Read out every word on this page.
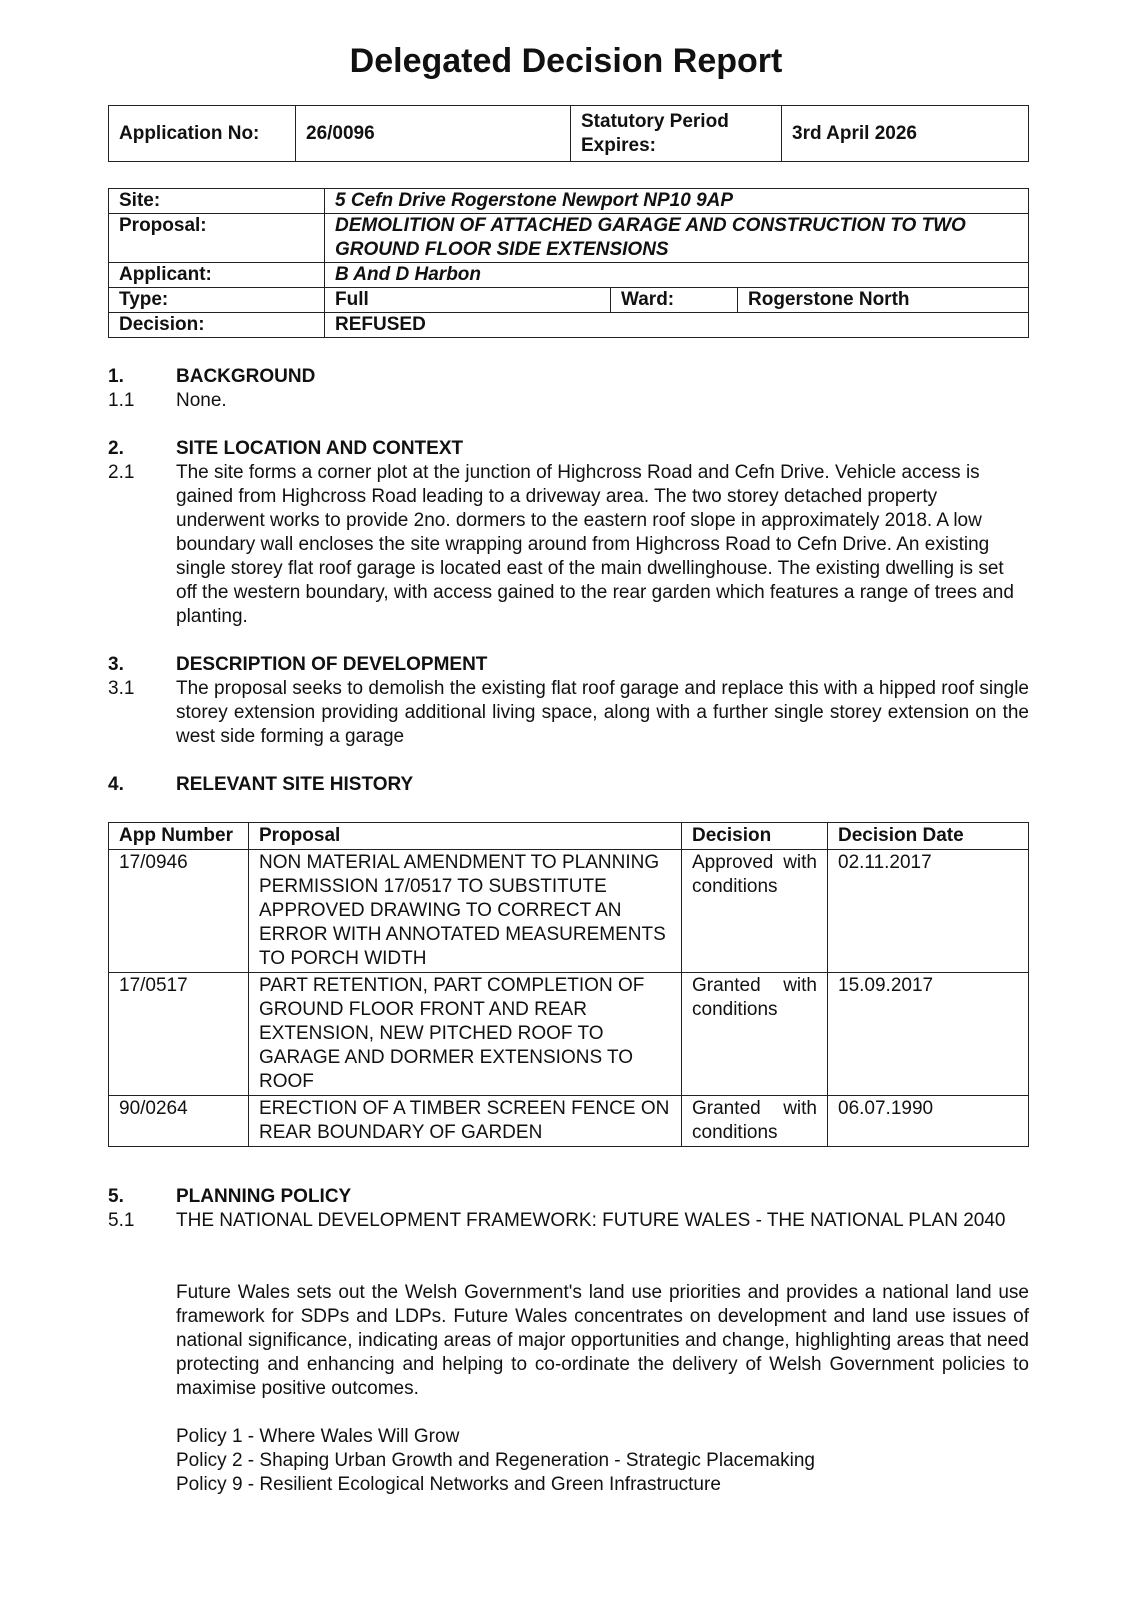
Delegated Decision Report
Application No:	26/0096	Statutory Period Expires:	3rd April 2026
Site:	5 Cefn Drive Rogerstone Newport NP10 9AP		
Proposal:	DEMOLITION OF ATTACHED GARAGE AND CONSTRUCTION TO TWO GROUND FLOOR SIDE EXTENSIONS		
Applicant:	B And D Harbon		
Type:	Full	Ward:	Rogerstone North
Decision:	REFUSED		
1.	BACKGROUND
1.1 None.
2.	SITE LOCATION AND CONTEXT
2.1 The site forms a corner plot at the junction of Highcross Road and Cefn Drive. Vehicle access is gained from Highcross Road leading to a driveway area. The two storey detached property underwent works to provide 2no. dormers to the eastern roof slope in approximately 2018. A low boundary wall encloses the site wrapping around from Highcross Road to Cefn Drive. An existing single storey flat roof garage is located east of the main dwellinghouse. The existing dwelling is set off the western boundary, with access gained to the rear garden which features a range of trees and planting.
3.	DESCRIPTION OF DEVELOPMENT
3.1 The proposal seeks to demolish the existing flat roof garage and replace this with a hipped roof single storey extension providing additional living space, along with a further single storey extension on the west side forming a garage
4.	RELEVANT SITE HISTORY
App Number	Proposal	Decision	Decision Date
17/0946	NON MATERIAL AMENDMENT TO PLANNING PERMISSION 17/0517 TO SUBSTITUTE APPROVED DRAWING TO CORRECT AN ERROR WITH ANNOTATED MEASUREMENTS TO PORCH WIDTH	Approved with conditions	02.11.2017
17/0517	PART RETENTION, PART COMPLETION OF GROUND FLOOR FRONT AND REAR EXTENSION, NEW PITCHED ROOF TO GARAGE AND DORMER EXTENSIONS TO ROOF	Granted with conditions	15.09.2017
90/0264	ERECTION OF A TIMBER SCREEN FENCE ON REAR BOUNDARY OF GARDEN	Granted with conditions	06.07.1990
5.	PLANNING POLICY
5.1 THE NATIONAL DEVELOPMENT FRAMEWORK: FUTURE WALES - THE NATIONAL PLAN 2040
Future Wales sets out the Welsh Government's land use priorities and provides a national land use framework for SDPs and LDPs. Future Wales concentrates on development and land use issues of national significance, indicating areas of major opportunities and change, highlighting areas that need protecting and enhancing and helping to co-ordinate the delivery of Welsh Government policies to maximise positive outcomes.
Policy 1 - Where Wales Will Grow
Policy 2 - Shaping Urban Growth and Regeneration - Strategic Placemaking
Policy 9 - Resilient Ecological Networks and Green Infrastructure
